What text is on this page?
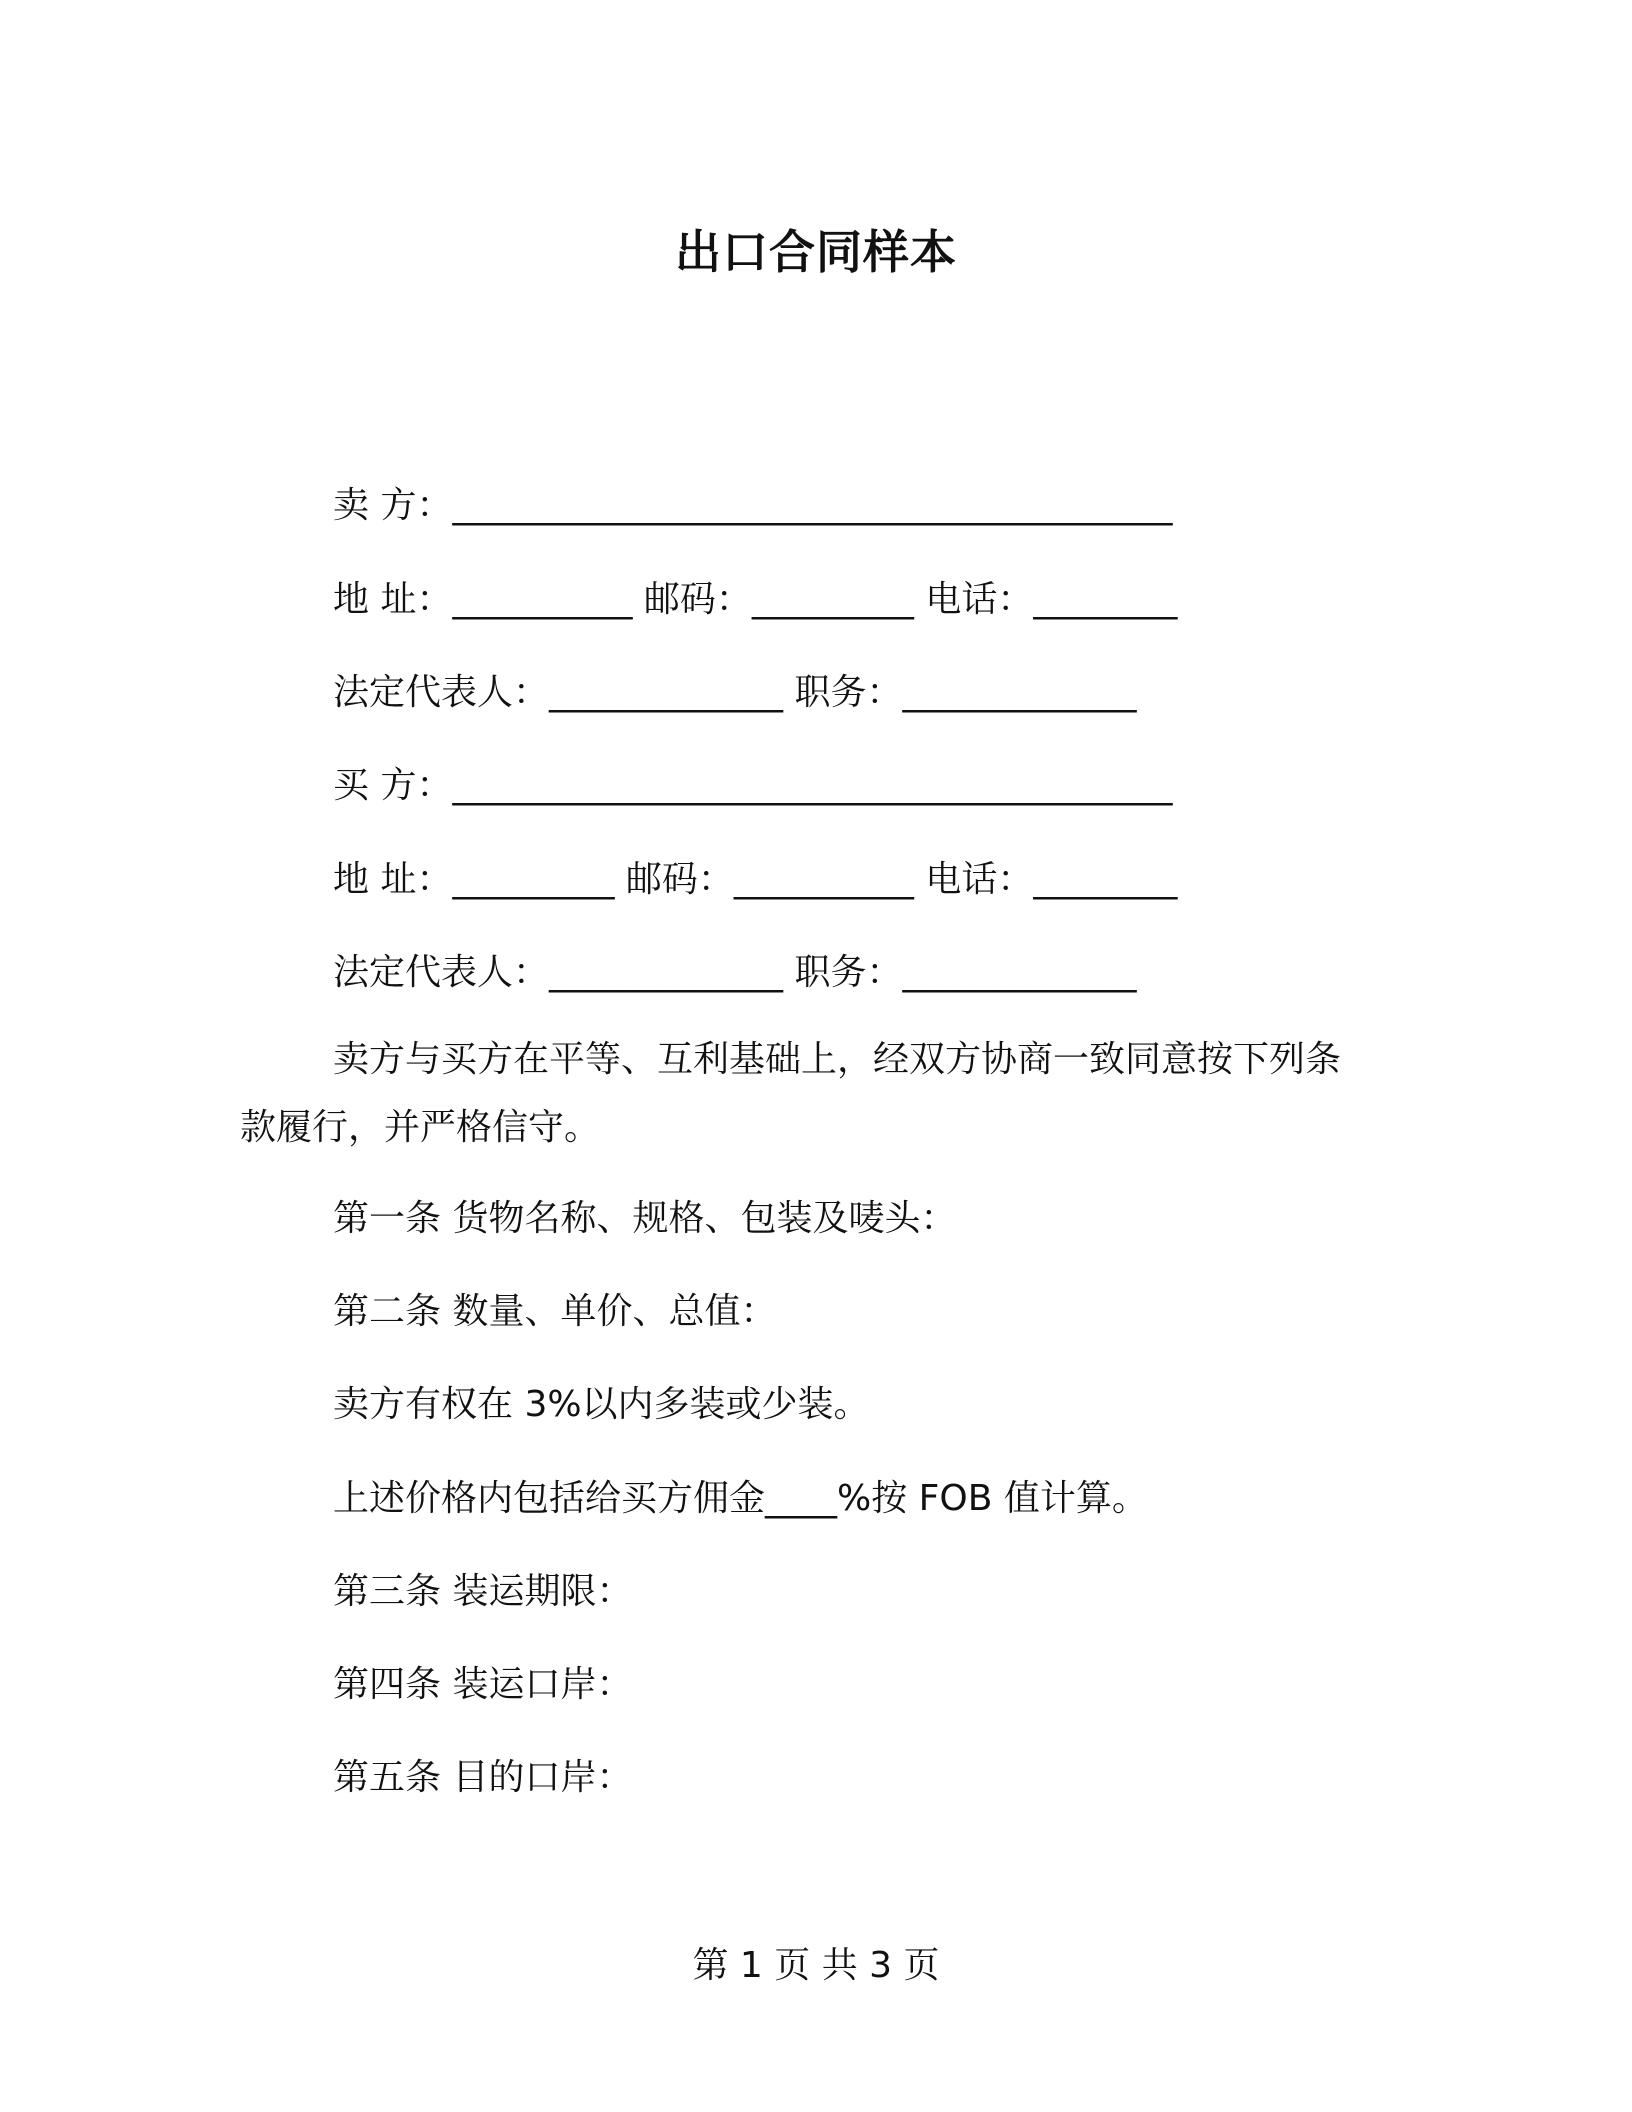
出口合同样本
卖 方：________________________________________
地 址：__________ 邮码：_________ 电话：________
法定代表人：_____________ 职务：_____________
买 方：________________________________________
地 址：_________ 邮码：__________ 电话：________
法定代表人：_____________ 职务：_____________
卖方与买方在平等、互利基础上，经双方协商一致同意按下列条
款履行，并严格信守。
第一条 货物名称、规格、包装及唛头：
第二条 数量、单价、总值：
卖方有权在 3%以内多装或少装。
上述价格内包括给买方佣金____%按 FOB 值计算。
第三条 装运期限：
第四条 装运口岸：
第五条 目的口岸：
第 1 页 共 3 页
